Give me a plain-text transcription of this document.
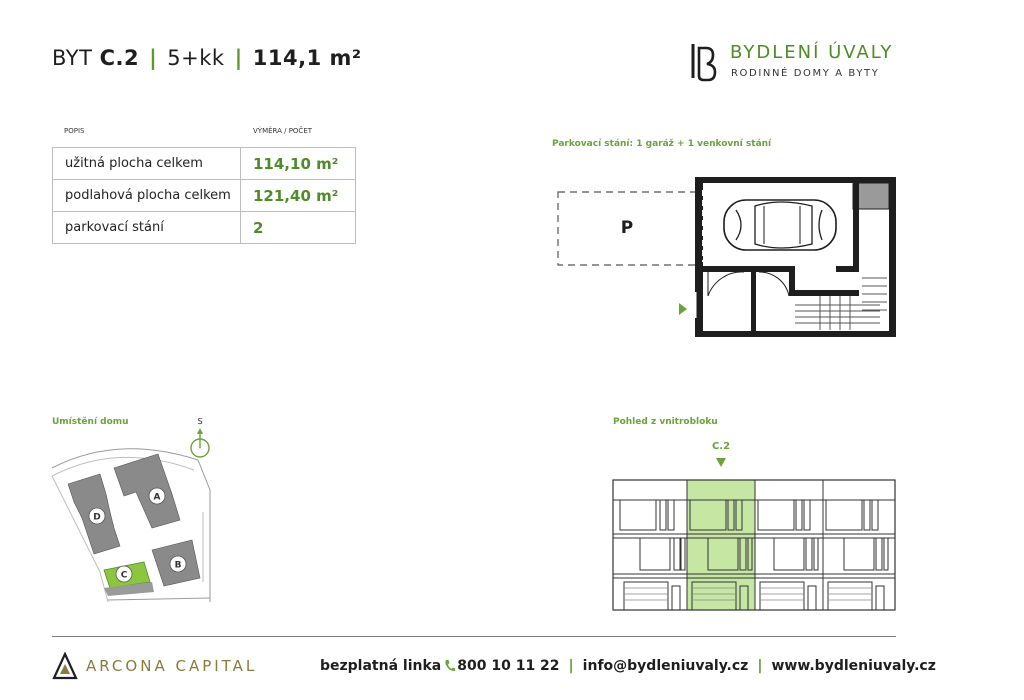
BYT C.2 | 5+kk | 114,1 m²	BYDLENÍ ÚVALY
RODINNÉ DOMY A BYTY
POPIS	VÝMĚRA / POČET
užitná plocha celkem	114,10 m²
podlahová plocha celkem	121,40 m²
parkovací stání	2
Parkovací stání: 1 garáž + 1 venkovní stání
P
Umístění domu	S
A
B
C
D
Pohled z vnitrobloku
C.2
ARCONA CAPITAL	bezplatná linka 800 10 11 22 | info@bydleniuvaly.cz | www.bydleniuvaly.cz
